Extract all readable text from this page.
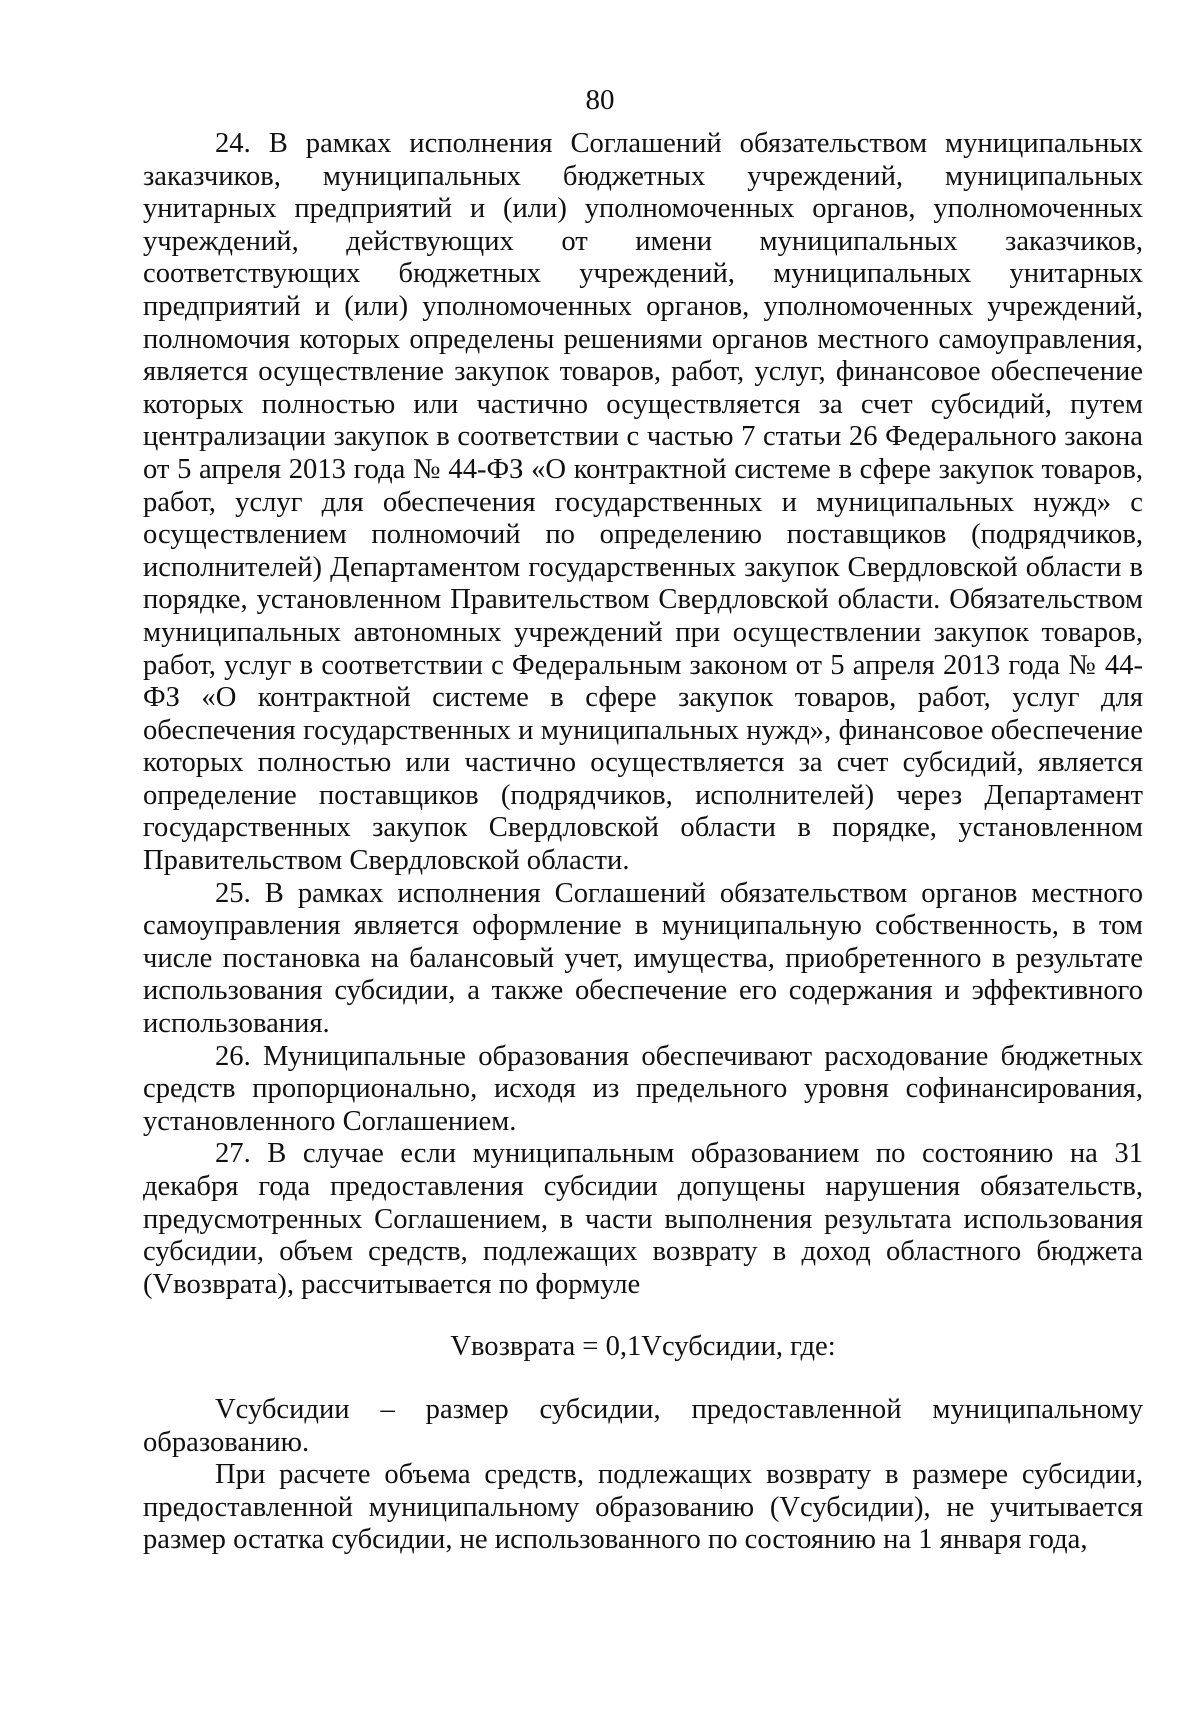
80

24. В рамках исполнения Соглашений обязательством муниципальных заказчиков, муниципальных бюджетных учреждений, муниципальных унитарных предприятий и (или) уполномоченных органов, уполномоченных учреждений, действующих от имени муниципальных заказчиков, соответствующих бюджетных учреждений, муниципальных унитарных предприятий и (или) уполномоченных органов, уполномоченных учреждений, полномочия которых определены решениями органов местного самоуправления, является осуществление закупок товаров, работ, услуг, финансовое обеспечение которых полностью или частично осуществляется за счет субсидий, путем централизации закупок в соответствии с частью 7 статьи 26 Федерального закона от 5 апреля 2013 года № 44-ФЗ «О контрактной системе в сфере закупок товаров, работ, услуг для обеспечения государственных и муниципальных нужд» с осуществлением полномочий по определению поставщиков (подрядчиков, исполнителей) Департаментом государственных закупок Свердловской области в порядке, установленном Правительством Свердловской области. Обязательством муниципальных автономных учреждений при осуществлении закупок товаров, работ, услуг в соответствии с Федеральным законом от 5 апреля 2013 года № 44-ФЗ «О контрактной системе в сфере закупок товаров, работ, услуг для обеспечения государственных и муниципальных нужд», финансовое обеспечение которых полностью или частично осуществляется за счет субсидий, является определение поставщиков (подрядчиков, исполнителей) через Департамент государственных закупок Свердловской области в порядке, установленном Правительством Свердловской области.

25. В рамках исполнения Соглашений обязательством органов местного самоуправления является оформление в муниципальную собственность, в том числе постановка на балансовый учет, имущества, приобретенного в результате использования субсидии, а также обеспечение его содержания и эффективного использования.

26. Муниципальные образования обеспечивают расходование бюджетных средств пропорционально, исходя из предельного уровня софинансирования, установленного Соглашением.

27. В случае если муниципальным образованием по состоянию на 31 декабря года предоставления субсидии допущены нарушения обязательств, предусмотренных Соглашением, в части выполнения результата использования субсидии, объем средств, подлежащих возврату в доход областного бюджета (Vвозврата), рассчитывается по формуле

Vвозврата = 0,1Vсубсидии, где:

Vсубсидии – размер субсидии, предоставленной муниципальному образованию.

При расчете объема средств, подлежащих возврату в размере субсидии, предоставленной муниципальному образованию (Vсубсидии), не учитывается размер остатка субсидии, не использованного по состоянию на 1 января года,
